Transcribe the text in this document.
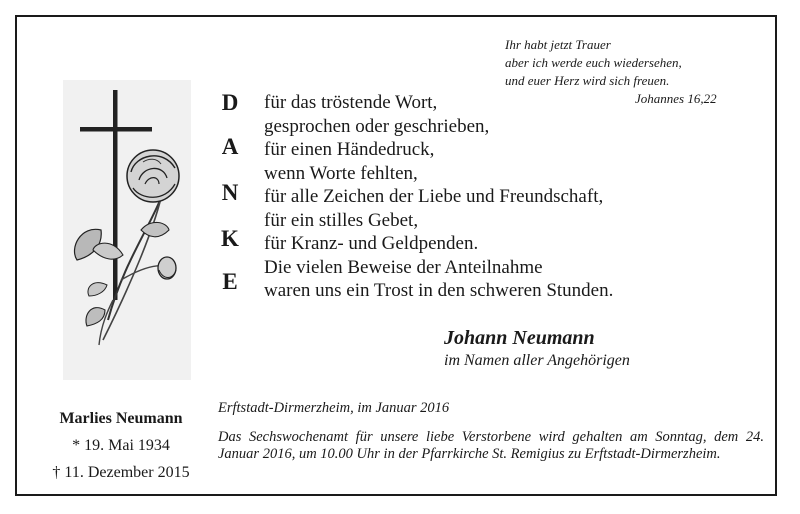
Ihr habt jetzt Trauer
aber ich werde euch wiedersehen,
und euer Herz wird sich freuen.
Johannes 16,22
D
A
N
K
E
für das tröstende Wort,
gesprochen oder geschrieben,
für einen Händedruck,
wenn Worte fehlten,
für alle Zeichen der Liebe und Freundschaft,
für ein stilles Gebet,
für Kranz- und Geldpenden.
Die vielen Beweise der Anteilnahme
waren uns ein Trost in den schweren Stunden.
Johann Neumann
im Namen aller Angehörigen
Marlies Neumann
* 19. Mai 1934
† 11. Dezember 2015
Erftstadt-Dirmerzheim, im Januar 2016
Das Sechswochenamt für unsere liebe Verstorbene wird gehalten am Sonntag, dem 24. Januar 2016, um 10.00 Uhr in der Pfarrkirche St. Remigius zu Erftstadt-Dirmerzheim.
